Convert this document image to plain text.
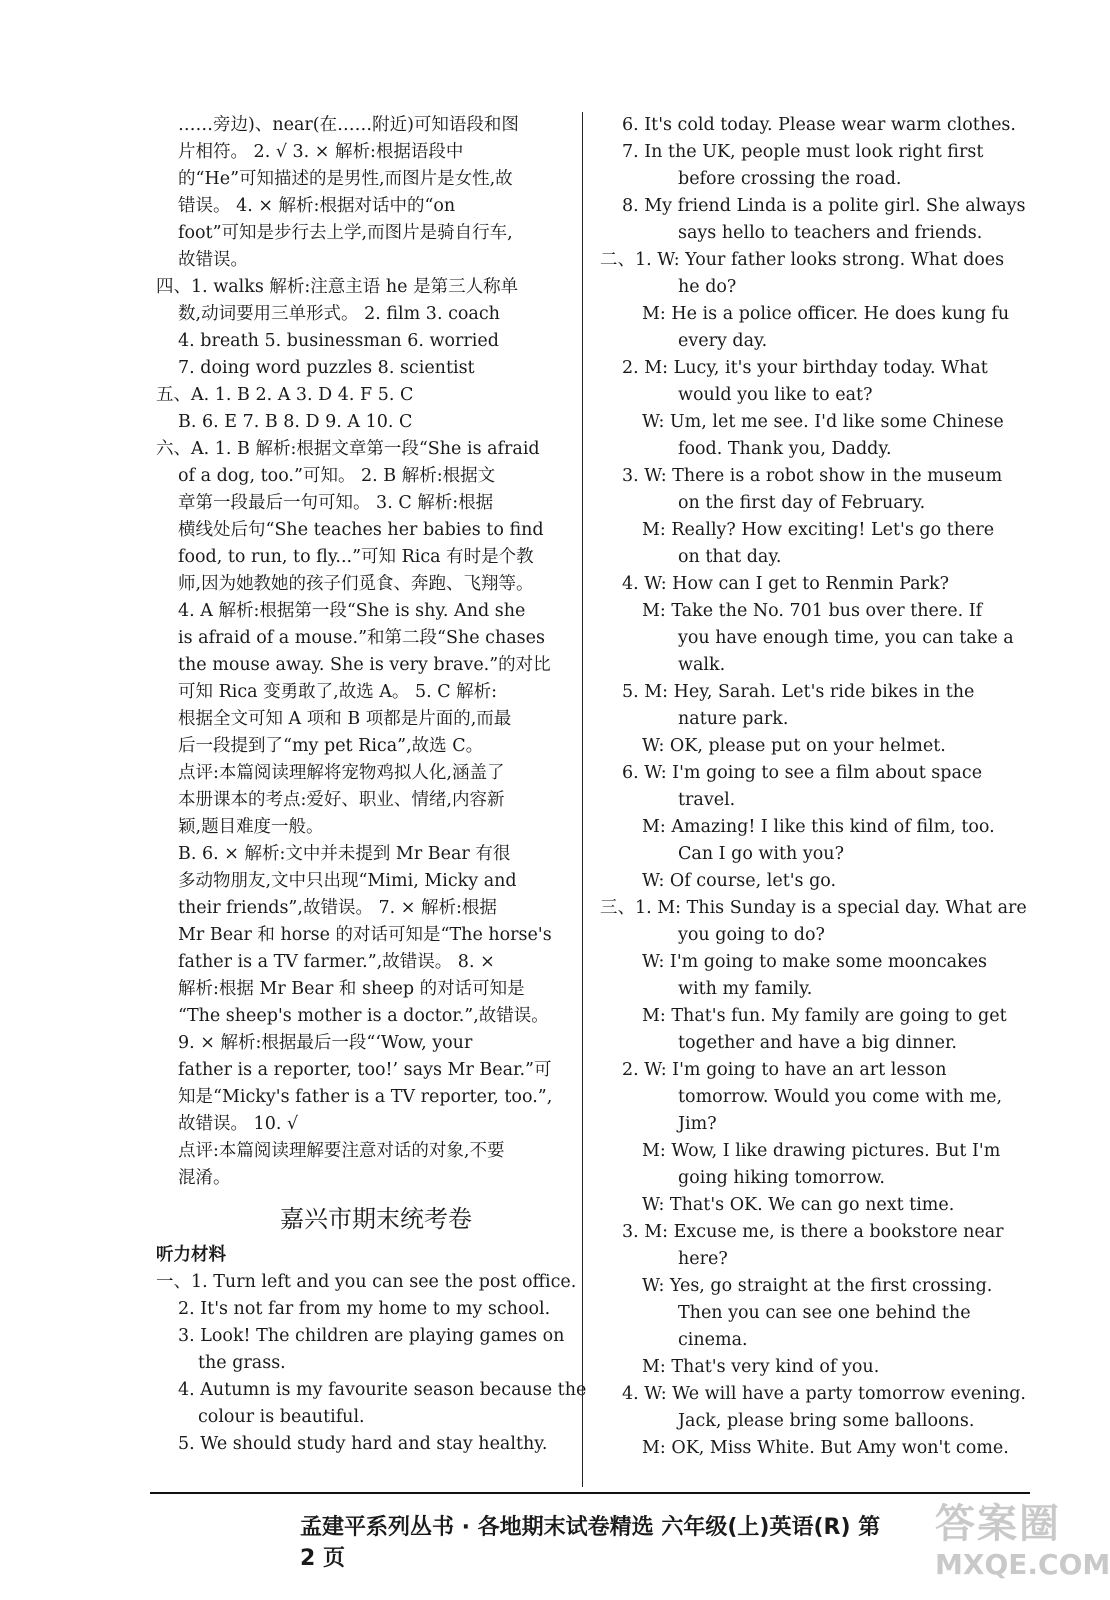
……旁边)、near(在……附近)可知语段和图
片相符。 2. √ 3. × 解析:根据语段中
的“He”可知描述的是男性,而图片是女性,故
错误。 4. × 解析:根据对话中的“on
foot”可知是步行去上学,而图片是骑自行车,
故错误。
四、1. walks 解析:注意主语 he 是第三人称单
数,动词要用三单形式。 2. film 3. coach
4. breath 5. businessman 6. worried
7. doing word puzzles 8. scientist
五、A. 1. B 2. A 3. D 4. F 5. C
B. 6. E 7. B 8. D 9. A 10. C
六、A. 1. B 解析:根据文章第一段“She is afraid
of a dog, too.”可知。 2. B 解析:根据文
章第一段最后一句可知。 3. C 解析:根据
横线处后句“She teaches her babies to find
food, to run, to fly...”可知 Rica 有时是个教
师,因为她教她的孩子们觅食、奔跑、飞翔等。
4. A 解析:根据第一段“She is shy. And she
is afraid of a mouse.”和第二段“She chases
the mouse away. She is very brave.”的对比
可知 Rica 变勇敢了,故选 A。 5. C 解析:
根据全文可知 A 项和 B 项都是片面的,而最
后一段提到了“my pet Rica”,故选 C。
点评:本篇阅读理解将宠物鸡拟人化,涵盖了
本册课本的考点:爱好、职业、情绪,内容新
颖,题目难度一般。
B. 6. × 解析:文中并未提到 Mr Bear 有很
多动物朋友,文中只出现“Mimi, Micky and
their friends”,故错误。 7. × 解析:根据
Mr Bear 和 horse 的对话可知是“The horse's
father is a TV farmer.”,故错误。 8. ×
解析:根据 Mr Bear 和 sheep 的对话可知是
“The sheep's mother is a doctor.”,故错误。
9. × 解析:根据最后一段“‘Wow, your
father is a reporter, too!’ says Mr Bear.”可
知是“Micky's father is a TV reporter, too.”,
故错误。 10. √
点评:本篇阅读理解要注意对话的对象,不要
混淆。
嘉兴市期末统考卷
听力材料
一、1. Turn left and you can see the post office.
2. It's not far from my home to my school.
3. Look! The children are playing games on
the grass.
4. Autumn is my favourite season because the
colour is beautiful.
5. We should study hard and stay healthy.
6. It's cold today. Please wear warm clothes.
7. In the UK, people must look right first
before crossing the road.
8. My friend Linda is a polite girl. She always
says hello to teachers and friends.
二、1. W: Your father looks strong. What does
he do?
M: He is a police officer. He does kung fu
every day.
2. M: Lucy, it's your birthday today. What
would you like to eat?
W: Um, let me see. I'd like some Chinese
food. Thank you, Daddy.
3. W: There is a robot show in the museum
on the first day of February.
M: Really? How exciting! Let's go there
on that day.
4. W: How can I get to Renmin Park?
M: Take the No. 701 bus over there. If
you have enough time, you can take a
walk.
5. M: Hey, Sarah. Let's ride bikes in the
nature park.
W: OK, please put on your helmet.
6. W: I'm going to see a film about space
travel.
M: Amazing! I like this kind of film, too.
Can I go with you?
W: Of course, let's go.
三、1. M: This Sunday is a special day. What are
you going to do?
W: I'm going to make some mooncakes
with my family.
M: That's fun. My family are going to get
together and have a big dinner.
2. W: I'm going to have an art lesson
tomorrow. Would you come with me,
Jim?
M: Wow, I like drawing pictures. But I'm
going hiking tomorrow.
W: That's OK. We can go next time.
3. M: Excuse me, is there a bookstore near
here?
W: Yes, go straight at the first crossing.
Then you can see one behind the
cinema.
M: That's very kind of you.
4. W: We will have a party tomorrow evening.
Jack, please bring some balloons.
M: OK, Miss White. But Amy won't come.
孟建平系列丛书 · 各地期末试卷精选 六年级(上)英语(R) 第 2 页
答案圈
MXQE.COM
